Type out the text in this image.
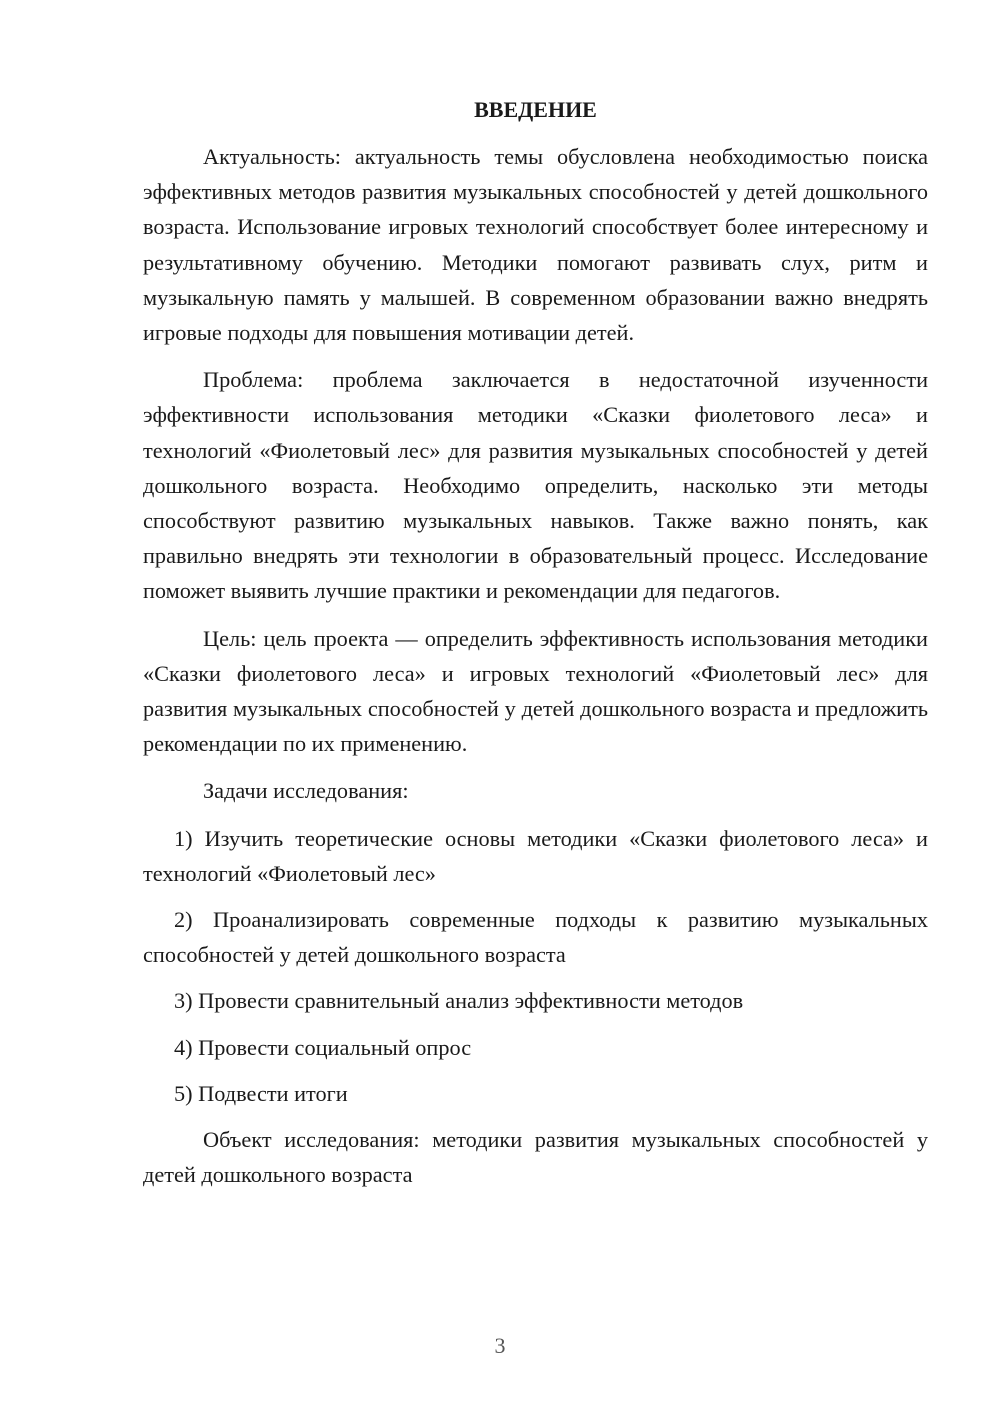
ВВЕДЕНИЕ

Актуальность: актуальность темы обусловлена необходимостью поиска эффективных методов развития музыкальных способностей у детей дошкольного возраста. Использование игровых технологий способствует более интересному и результативному обучению. Методики помогают развивать слух, ритм и музыкальную память у малышей. В современном образовании важно внедрять игровые подходы для повышения мотивации детей.

Проблема: проблема заключается в недостаточной изученности эффективности использования методики «Сказки фиолетового леса» и технологий «Фиолетовый лес» для развития музыкальных способностей у детей дошкольного возраста. Необходимо определить, насколько эти методы способствуют развитию музыкальных навыков. Также важно понять, как правильно внедрять эти технологии в образовательный процесс. Исследование поможет выявить лучшие практики и рекомендации для педагогов.

Цель: цель проекта — определить эффективность использования методики «Сказки фиолетового леса» и игровых технологий «Фиолетовый лес» для развития музыкальных способностей у детей дошкольного возраста и предложить рекомендации по их применению.

Задачи исследования:

1) Изучить теоретические основы методики «Сказки фиолетового леса» и технологий «Фиолетовый лес»

2) Проанализировать современные подходы к развитию музыкальных способностей у детей дошкольного возраста

3) Провести сравнительный анализ эффективности методов

4) Провести социальный опрос

5) Подвести итоги

Объект исследования: методики развития музыкальных способностей у детей дошкольного возраста

3
